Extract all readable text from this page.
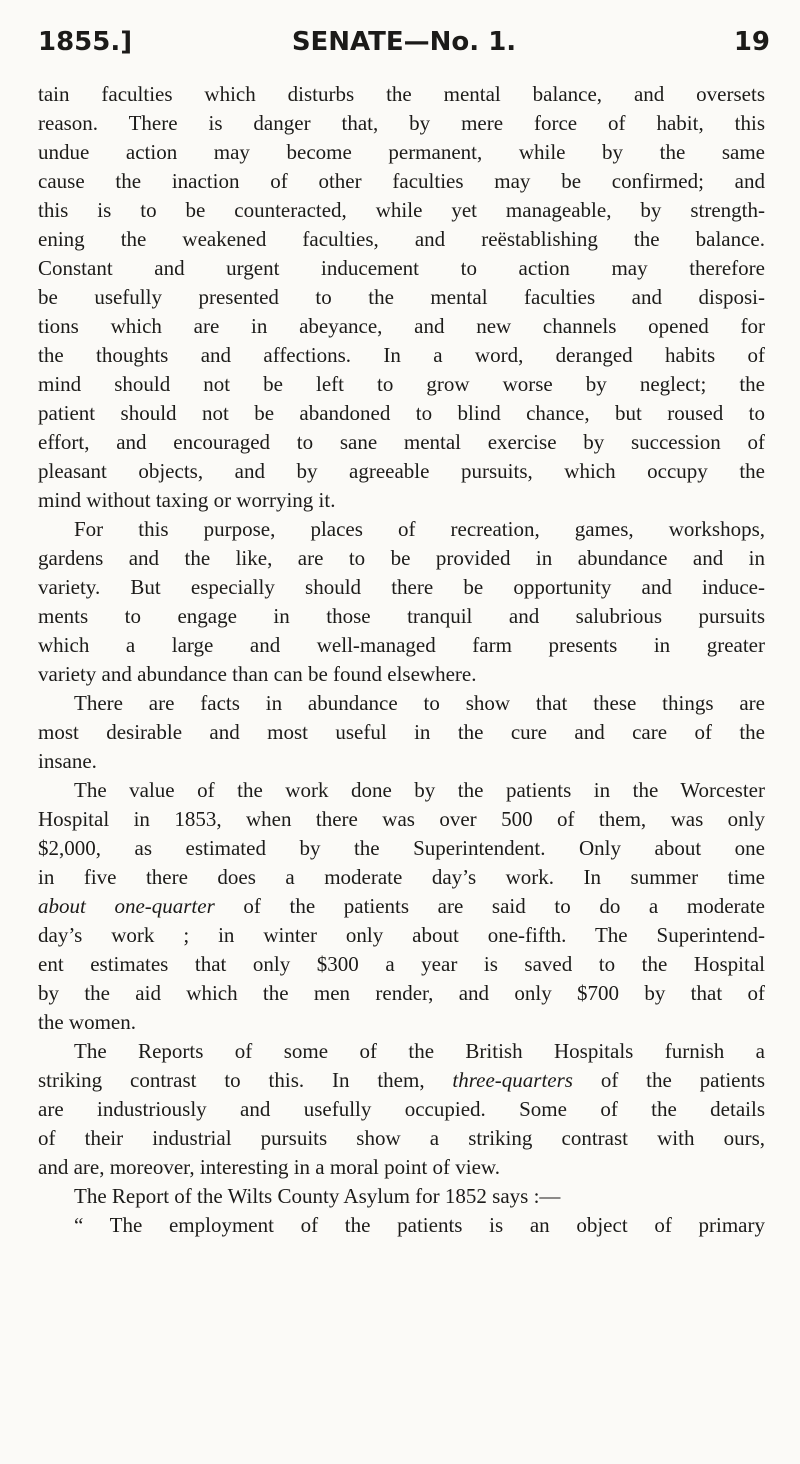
1855.]	SENATE—No. 1.	19
tain faculties which disturbs the mental balance, and oversets
reason. There is danger that, by mere force of habit, this
undue action may become permanent, while by the same
cause the inaction of other faculties may be confirmed; and
this is to be counteracted, while yet manageable, by strength-
ening the weakened faculties, and reëstablishing the balance.
Constant and urgent inducement to action may therefore
be usefully presented to the mental faculties and disposi-
tions which are in abeyance, and new channels opened for
the thoughts and affections. In a word, deranged habits of
mind should not be left to grow worse by neglect; the
patient should not be abandoned to blind chance, but roused to
effort, and encouraged to sane mental exercise by succession of
pleasant objects, and by agreeable pursuits, which occupy the
mind without taxing or worrying it.
For this purpose, places of recreation, games, workshops,
gardens and the like, are to be provided in abundance and in
variety. But especially should there be opportunity and induce-
ments to engage in those tranquil and salubrious pursuits
which a large and well-managed farm presents in greater
variety and abundance than can be found elsewhere.
There are facts in abundance to show that these things are
most desirable and most useful in the cure and care of the
insane.
The value of the work done by the patients in the Worcester
Hospital in 1853, when there was over 500 of them, was only
$2,000, as estimated by the Superintendent. Only about one
in five there does a moderate day’s work. In summer time
about one-quarter of the patients are said to do a moderate
day’s work ; in winter only about one-fifth. The Superintend-
ent estimates that only $300 a year is saved to the Hospital
by the aid which the men render, and only $700 by that of
the women.
The Reports of some of the British Hospitals furnish a
striking contrast to this. In them, three-quarters of the patients
are industriously and usefully occupied. Some of the details
of their industrial pursuits show a striking contrast with ours,
and are, moreover, interesting in a moral point of view.
The Report of the Wilts County Asylum for 1852 says :—
“ The employment of the patients is an object of primary
